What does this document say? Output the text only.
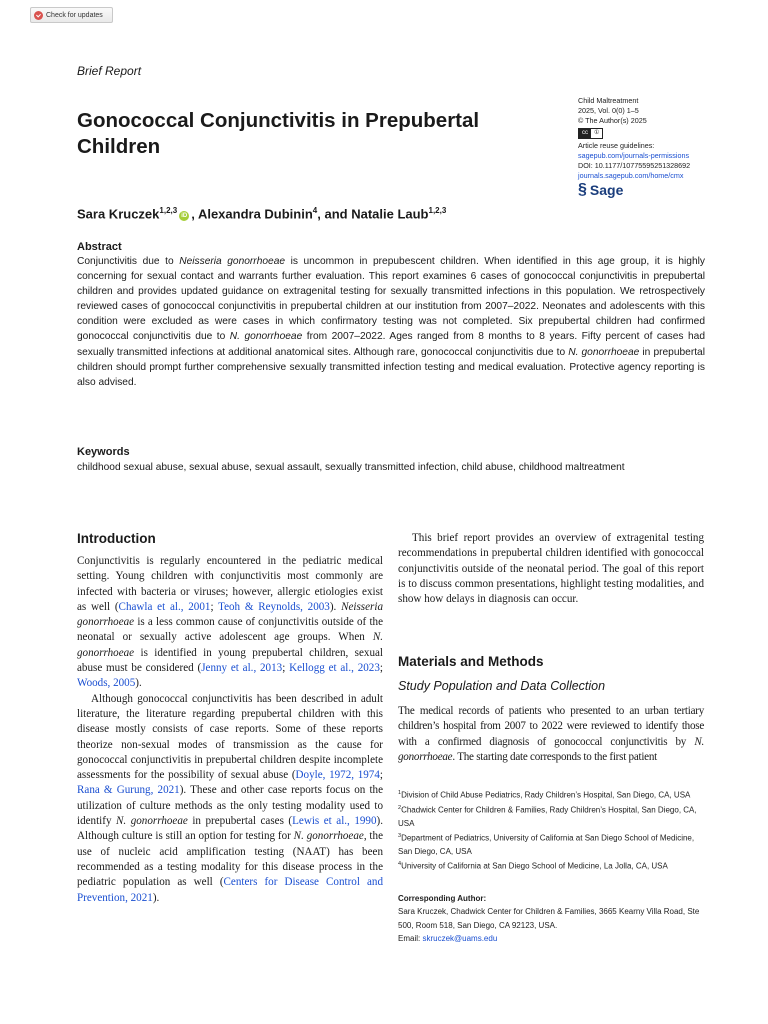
Check for updates
Brief Report
Gonococcal Conjunctivitis in Prepubertal Children
Sara Kruczek$^{1,2,3}$iD , Alexandra Dubinin$^4$, and Natalie Laub$^{1,2,3}$
Child Maltreatment
2025, Vol. 0(0) 1–5
© The Author(s) 2025
cc	①
Article reuse guidelines:
sagepub.com/journals-permissions
DOI: 10.1177/10775595251328692
journals.sagepub.com/home/cmx
§ Sage
Abstract

Conjunctivitis due to Neisseria gonorrhoeae is uncommon in prepubescent children. When identified in this age group, it is highly concerning for sexual contact and warrants further evaluation. This report examines 6 cases of gonococcal conjunctivitis in prepubertal children and provides updated guidance on extragenital testing for sexually transmitted infections in this population. We retrospectively reviewed cases of gonococcal conjunctivitis in prepubertal children at our institution from 2007–2022. Neonates and adolescents with this condition were excluded as were cases in which confirmatory testing was not completed. Six prepubertal children had confirmed gonococcal conjunctivitis due to N. gonorrhoeae from 2007–2022. Ages ranged from 8 months to 8 years. Fifty percent of cases had sexually transmitted infections at additional anatomical sites. Although rare, gonococcal conjunctivitis due to N. gonorrhoeae in prepubertal children should prompt further comprehensive sexually transmitted infection testing and medical evaluation. Protective agency reporting is also advised.

Keywords
childhood sexual abuse, sexual abuse, sexual assault, sexually transmitted infection, child abuse, childhood maltreatment
Introduction

Conjunctivitis is regularly encountered in the pediatric medical setting. Young children with conjunctivitis most commonly are infected with bacteria or viruses; however, allergic etiologies exist as well (Chawla et al., 2001; Teoh & Reynolds, 2003). Neisseria gonorrhoeae is a less common cause of conjunctivitis outside of the neonatal or sexually active adolescent age groups. When N. gonorrhoeae is identified in young prepubertal children, sexual abuse must be considered (Jenny et al., 2013; Kellogg et al., 2023; Woods, 2005).

Although gonococcal conjunctivitis has been described in adult literature, the literature regarding prepubertal children with this disease mostly consists of case reports. Some of these reports theorize non-sexual modes of transmission as the cause for gonococcal conjunctivitis in prepubertal children despite incomplete assessments for the possibility of sexual abuse (Doyle, 1972, 1974; Rana & Gurung, 2021). These and other case reports focus on the utilization of culture methods as the only testing modality used to identify N. gonorrhoeae in prepubertal cases (Lewis et al., 1990). Although culture is still an option for testing for N. gonorrhoeae, the use of nucleic acid amplification testing (NAAT) has been recommended as a testing modality for this disease process in the pediatric population as well (Centers for Disease Control and Prevention, 2021).

This brief report provides an overview of extragenital testing recommendations in prepubertal children identified with gonococcal conjunctivitis outside of the neonatal period. The goal of this report is to discuss common presentations, highlight testing modalities, and show how delays in diagnosis can occur.
Materials and Methods
Study Population and Data Collection

The medical records of patients who presented to an urban tertiary children’s hospital from 2007 to 2022 were reviewed to identify those with a confirmed diagnosis of gonococcal conjunctivitis by N. gonorrhoeae. The starting date corresponds to the first patient

$^1$Division of Child Abuse Pediatrics, Rady Children’s Hospital, San Diego, CA, USA
$^2$Chadwick Center for Children & Families, Rady Children’s Hospital, San Diego, CA, USA
$^3$Department of Pediatrics, University of California at San Diego School of Medicine, San Diego, CA, USA
$^4$University of California at San Diego School of Medicine, La Jolla, CA, USA
Corresponding Author:
Sara Kruczek, Chadwick Center for Children & Families, 3665 Kearny Villa Road, Ste 500, Room 518, San Diego, CA 92123, USA.
Email: skruczek@uams.edu
